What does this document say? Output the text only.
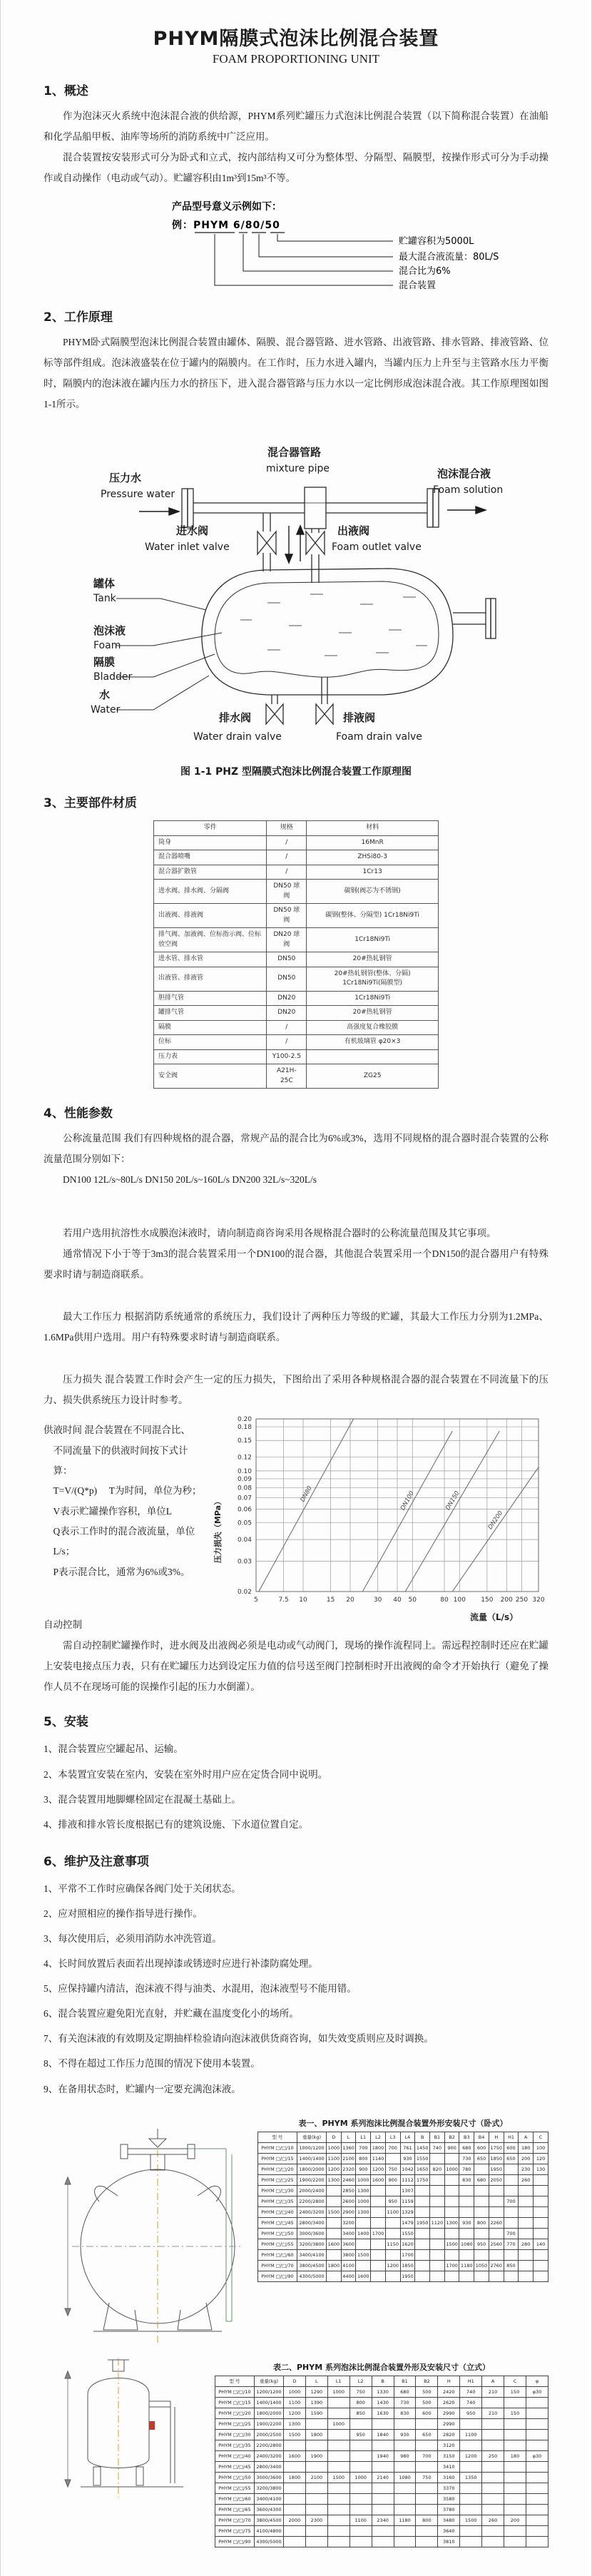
PHYM隔膜式泡沫比例混合装置
FOAM PROPORTIONING UNIT
1、概述

作为泡沫灭火系统中泡沫混合液的供给源，PHYM系列贮罐压力式泡沫比例混合装置（以下简称混合装置）在油船和化学品船甲板、油库等场所的消防系统中广泛应用。

混合装置按安装形式可分为卧式和立式，按内部结构又可分为整体型、分隔型、隔膜型，按操作形式可分为手动操作或自动操作（电动或气动）。贮罐容积由1m³到15m³不等。

产品型号意义示例如下：
例：PHYM 6/80/50
贮罐容积为5000L
最大混合液流量：80L/S
混合比为6%
混合装置
2、工作原理

PHYM卧式隔膜型泡沫比例混合装置由罐体、隔膜、混合器管路、进水管路、出液管路、排水管路、排液管路、位标等部件组成。泡沫液盛装在位于罐内的隔膜内。在工作时，压力水进入罐内，当罐内压力上升至与主管路水压力平衡时，隔膜内的泡沫液在罐内压力水的挤压下，进入混合器管路与压力水以一定比例形成泡沫混合液。其工作原理图如图1-1所示。

压力水
Pressure water
混合器管路
mixture pipe	泡沫混合液
Foam solution
进水阀
Water inlet valve
出液阀
Foam outlet valve
罐体
Tank
泡沫液
Foam
隔膜
Bladder
水
Water
排水阀
Water drain valve
排液阀
Foam drain valve
图 1-1 PHZ 型隔膜式泡沫比例混合装置工作原理图
3、主要部件材质
零件	规格	材料
筒身	/	16MnR
混合器喷嘴	/	ZHSi80-3
混合器扩散管	/	1Cr13
进水阀、排水阀、分隔阀	DN50 球阀	碳钢(阀芯为不锈钢)
出液阀、排液阀	DN50 球阀	碳钢(整体、分隔型) 1Cr18Ni9Ti
排气阀、加液阀、位标指示阀、位标放空阀	DN20 球阀	1Cr18Ni9Ti
进水管、排水管	DN50	20#热轧钢管
出液管、排液管	DN50	20#热轧钢管(整体、分隔) 1Cr18Ni9Ti(隔膜型)
胆排气管	DN20	1Cr18Ni9Ti
罐排气管	DN20	20#热轧钢管
隔膜	/	高强度复合橡胶膜
位标	/	有机玻璃管 φ20×3
压力表	Y100-2.5	
安全阀	A21H-25C	ZG25
4、性能参数

公称流量范围 我们有四种规格的混合器，常规产品的混合比为6%或3%，选用不同规格的混合器时混合装置的公称流量范围分别如下：

DN100 12L/s~80L/s DN150 20L/s~160L/s DN200 32L/s~320L/s

若用户选用抗溶性水成膜泡沫液时，请向制造商咨询采用各规格混合器时的公称流量范围及其它事项。

通常情况下小于等于3m3的混合装置采用一个DN100的混合器，其他混合装置采用一个DN150的混合器用户有特殊要求时请与制造商联系。

最大工作压力 根据消防系统通常的系统压力，我们设计了两种压力等级的贮罐，其最大工作压力分别为1.2MPa、1.6MPa供用户选用。用户有特殊要求时请与制造商联系。

压力损失 混合装置工作时会产生一定的压力损失，下图给出了采用各种规格混合器的混合装置在不同流量下的压力、损失供系统压力设计时参考。

0.02
0.03
0.04
0.05
0.06
0.07
0.08
0.09
0.10
0.12
0.15
0.18
0.20
5	7.5 10	15 20	30 40 50	80 100 150 200 250 320
DN80	DN100	DN150
DN200
压力损失（MPa）
流量（L/s）
供液时间 混合装置在不同混合比、
不同流量下的供液时间按下式计算：
T=V/(Q*p)　 T为时间，单位为秒；
V表示贮罐操作容积，单位L
Q表示工作时的混合液流量，单位L/s；
P表示混合比，通常为6%或3%。
自动控制

需自动控制贮罐操作时，进水阀及出液阀必须是电动或气动阀门，现场的操作流程同上。需远程控制时还应在贮罐上安装电接点压力表，只有在贮罐压力达到设定压力值的信号送至阀门控制柜时开出液阀的命令才开始执行（避免了操作人员不在现场可能的误操作引起的压力水倒灌）。

5、安装
1、混合装置应空罐起吊、运输。
2、本装置宜安装在室内，安装在室外时用户应在定货合同中说明。
3、混合装置用地脚螺栓固定在混凝土基础上。
4、排液和排水管长度根据已有的建筑设施、下水道位置自定。
6、维护及注意事项
1、平常不工作时应确保各阀门处于关闭状态。
2、应对照相应的操作指导进行操作。
3、每次使用后，必须用消防水冲洗管道。
4、长时间放置后表面若出现掉漆或锈迹时应进行补漆防腐处理。
5、应保持罐内清洁，泡沫液不得与油类、水混用，泡沫液型号不能用错。
6、混合装置应避免阳光直射，并贮藏在温度变化小的场所。
7、有关泡沫液的有效期及定期抽样检验请向泡沫液供货商咨询，如失效变质则应及时调换。
8、不得在超过工作压力范围的情况下使用本装置。
9、在备用状态时，贮罐内一定要充满泡沫液。
表一、PHYM 系列泡沫比例混合装置外形安装尺寸（卧式）
型 号	重量(kg)	D	L	L1	L2	L3	L4	B	B1	B2	B3	B4	H	H1	A	C
PHYM □/□/10	1000/1200	1000	1360	700	1800	700	761	1450	740	900	680	600	1750	600	180	100
PHYM □/□/15	1400/1400	1100	2100	800	1140		930	1550			730	650	1850	650	200	120
PHYM □/□/20	1800/2000	1200	2320	900	1200	750	1042	1650	820	1000	780		1950		230	130
PHYM □/□/25	1900/2200	1300	2460	1000	1600	900	1112	1750			830	680	2050		260	
PHYM □/□/30	2000/2400		2850	1300			1307									
PHYM □/□/35	2200/2800		2600	1000		950	1159							700		
PHYM □/□/40	2400/3200	1500	2900	1300		1100	1329									
PHYM □/□/45	2800/3400		3200				1479	1950	1120	1300	930	800	2260			
PHYM □/□/50	3000/3600		3400	1400	1700		1550							700		
PHYM □/□/55	3200/3800	1600	3600			1150	1620			1500	1080	950	2560	770	280	140
PHYM □/□/60	3400/4100		3800	1500			1700									
PHYM □/□/70	3800/4500	1800	4100			1200	1850			1700	1180	1050	2760	850		
PHYM □/□/90	4300/5000		4400	1600			1950									
表二、PHYM 系列泡沫比例混合装置外形及安装尺寸（立式）
型 号	重量(kg)	D	L	L1	L2	B	B1	B2	H	H1	A	C	φ
PHYM □/□/10	1200/1200	1000	1290	1000	750	1330	680	500	2420	740	210	150	φ30
PHYM □/□/15	1400/1400	1100	1390		800	1430	730	500	2620	740			
PHYM □/□/20	1800/2000	1200	1590		850	1630	830	600	2990	950	210	150	
PHYM □/□/25	1900/2200	1300		1000					2990				
PHYM □/□/30	2000/2500	1500	1800		950	1840	930	650	2820	1100			
PHYM □/□/35	2200/2800								3120				
PHYM □/□/40	2400/3200	1600	1900			1940	980	700	3150	1200	250	180	φ30
PHYM □/□/45	2800/3400								3410				
PHYM □/□/50	3000/3600	1800	2100	1500	1000	2140	1080	750	3160	1350			
PHYM □/□/55	3200/3800								3370				
PHYM □/□/60	3400/4100								3580				
PHYM □/□/65	3600/4300								3780				
PHYM □/□/70	3800/4500	2000	2300		1100	2340	1180	800	3480	1500	260	200	
PHYM □/□/75	4100/4800								3640				
PHYM □/□/90	4300/5000								3810				
